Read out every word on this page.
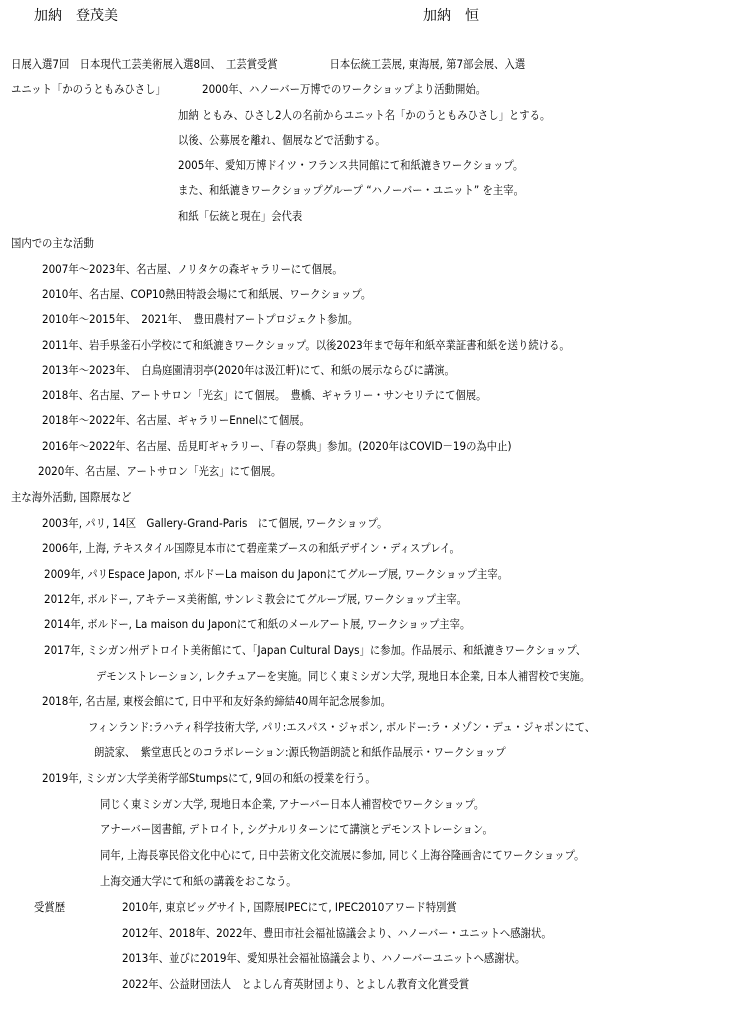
加納　登茂美	加納　恒
日展入選7回　日本現代工芸美術展入選8回、　工芸賞受賞　　　　　日本伝統工芸展, 東海展, 第7部会展、入選
ユニット「かのうともみひさし」	2000年、ハノーバー万博でのワークショップより活動開始。
加納 ともみ、ひさし2人の名前からユニット名「かのうともみひさし」とする。
以後、公募展を離れ、個展などで活動する。
2005年、愛知万博ドイツ・フランス共同館にて和紙漉きワークショップ。
また、和紙漉きワークショップグループ “ハノーバー・ユニット” を主宰。
和紙「伝統と現在」会代表
国内での主な活動
2007年～2023年、名古屋、ノリタケの森ギャラリーにて個展。
2010年、名古屋、COP10熱田特設会場にて和紙展、ワークショップ。
2010年～2015年、　2021年、　豊田農村アートプロジェクト参加。
2011年、岩手県釜石小学校にて和紙漉きワークショップ。以後2023年まで毎年和紙卒業証書和紙を送り続ける。
2013年～2023年、　白鳥庭園清羽亭(2020年は汲江軒)にて、和紙の展示ならびに講演。
2018年、名古屋、アートサロン「光玄」にて個展。　豊橋、ギャラリー・サンセリテにて個展。
2018年～2022年、名古屋、ギャラリーEnnelにて個展。
2016年～2022年、名古屋、岳見町ギャラリー、「春の祭典」参加。(2020年はCOVID－19の為中止)
2020年、名古屋、アートサロン「光玄」にて個展。
主な海外活動, 国際展など
2003年, パリ, 14区　Gallery-Grand-Paris　にて個展, ワークショップ。
2006年, 上海, テキスタイル国際見本市にて碧産業ブースの和紙デザイン・ディスプレイ。
2009年, パリEspace Japon, ボルドーLa maison du Japonにてグループ展, ワークショップ主宰。
2012年, ボルドー, アキテーヌ美術館, サンレミ教会にてグループ展, ワークショップ主宰。
2014年, ボルドー, La maison du Japonにて和紙のメールアート展, ワークショップ主宰。
2017年, ミシガン州デトロイト美術館にて、「Japan Cultural Days」に参加。作品展示、和紙漉きワークショップ、
デモンストレーション, レクチュアーを実施。同じく東ミシガン大学, 現地日本企業, 日本人補習校で実施。
2018年, 名古屋, 東桜会館にて, 日中平和友好条約締結40周年記念展参加。
フィンランド:ラハティ科学技術大学, パリ:エスパス・ジャポン, ボルドー:ラ・メゾン・デュ・ジャポンにて、
朗読家、　紫堂恵氏とのコラボレーション:源氏物語朗読と和紙作品展示・ワークショップ
2019年, ミシガン大学美術学部Stumpsにて, 9回の和紙の授業を行う。
同じく東ミシガン大学, 現地日本企業, アナーバー日本人補習校でワークショップ。
アナーバー図書館, デトロイト, シグナルリターンにて講演とデモンストレーション。
同年, 上海長寧民俗文化中心にて, 日中芸術文化交流展に参加, 同じく上海谷隆画舎にてワークショップ。
上海交通大学にて和紙の講義をおこなう。
受賞歴	2010年, 東京ビッグサイト, 国際展IPECにて, IPEC2010アワード特別賞
2012年、2018年、2022年、豊田市社会福祉協議会より、ハノーバー・ユニットへ感謝状。
2013年、並びに2019年、愛知県社会福祉協議会より、ハノーバーユニットへ感謝状。
2022年、公益財団法人　とよしん育英財団より、とよしん教育文化賞受賞
